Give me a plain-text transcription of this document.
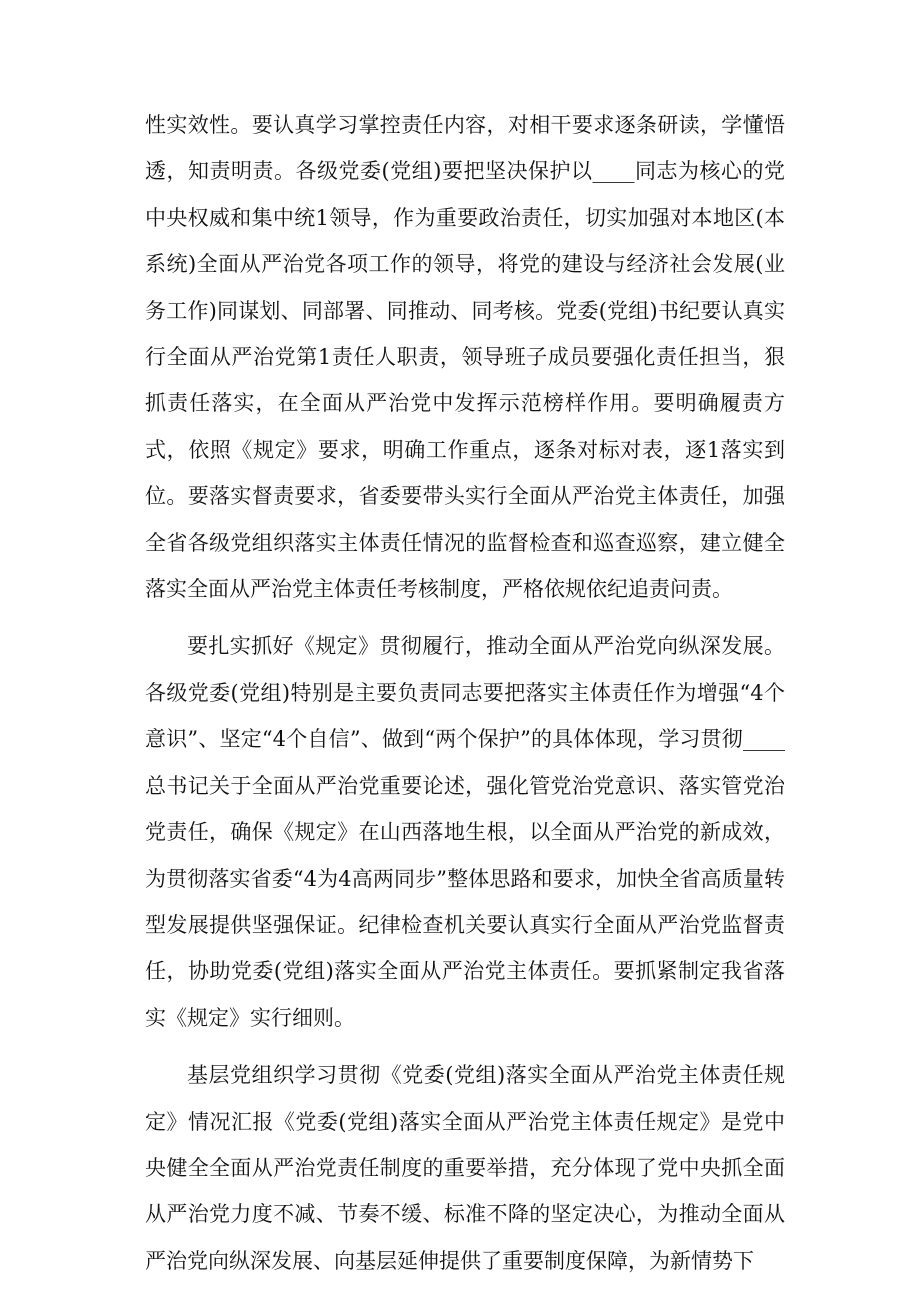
性实效性。要认真学习掌控责任内容，对相干要求逐条研读，学懂悟透，知责明责。各级党委(党组)要把坚决保护以____同志为核心的党中央权威和集中统1领导，作为重要政治责任，切实加强对本地区(本系统)全面从严治党各项工作的领导，将党的建设与经济社会发展(业务工作)同谋划、同部署、同推动、同考核。党委(党组)书纪要认真实行全面从严治党第1责任人职责，领导班子成员要强化责任担当，狠抓责任落实，在全面从严治党中发挥示范榜样作用。要明确履责方式，依照《规定》要求，明确工作重点，逐条对标对表，逐1落实到位。要落实督责要求，省委要带头实行全面从严治党主体责任，加强全省各级党组织落实主体责任情况的监督检查和巡查巡察，建立健全落实全面从严治党主体责任考核制度，严格依规依纪追责问责。

要扎实抓好《规定》贯彻履行，推动全面从严治党向纵深发展。各级党委(党组)特别是主要负责同志要把落实主体责任作为增强“4个意识”、坚定“4个自信”、做到“两个保护”的具体体现，学习贯彻____总书记关于全面从严治党重要论述，强化管党治党意识、落实管党治党责任，确保《规定》在山西落地生根，以全面从严治党的新成效，为贯彻落实省委“4为4高两同步”整体思路和要求，加快全省高质量转型发展提供坚强保证。纪律检查机关要认真实行全面从严治党监督责任，协助党委(党组)落实全面从严治党主体责任。要抓紧制定我省落实《规定》实行细则。

基层党组织学习贯彻《党委(党组)落实全面从严治党主体责任规定》情况汇报《党委(党组)落实全面从严治党主体责任规定》是党中央健全全面从严治党责任制度的重要举措，充分体现了党中央抓全面从严治党力度不减、节奏不缓、标准不降的坚定决心，为推动全面从严治党向纵深发展、向基层延伸提供了重要制度保障，为新情势下
